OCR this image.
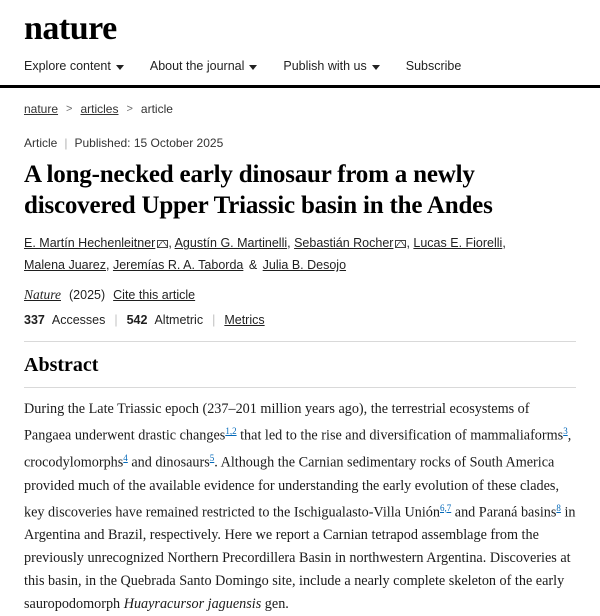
nature
Explore content	About the journal	Publish with us	Subscribe
nature > articles > article
Article | Published: 15 October 2025
A long-necked early dinosaur from a newly discovered Upper Triassic basin in the Andes
E. Martín Hechenleitner , Agustín G. Martinelli, Sebastián Rocher , Lucas E. Fiorelli, Malena Juarez, Jeremías R. A. Taborda & Julia B. Desojo
Nature (2025) Cite this article
337 Accesses | 542 Altmetric | Metrics
Abstract
During the Late Triassic epoch (237–201 million years ago), the terrestrial ecosystems of Pangaea underwent drastic changes$^{1,2}$ that led to the rise and diversification of mammaliaforms$^3$, crocodylomorphs$^4$ and dinosaurs$^5$. Although the Carnian sedimentary rocks of South America provided much of the available evidence for understanding the early evolution of these clades, key discoveries have remained restricted to the Ischigualasto-Villa Unión$^{6,7}$ and Paraná basins$^8$ in Argentina and Brazil, respectively. Here we report a Carnian tetrapod assemblage from the previously unrecognized Northern Precordillera Basin in northwestern Argentina. Discoveries at this basin, in the Quebrada Santo Domingo site, include a nearly complete skeleton of the early sauropodomorph Huayracursor jaguensis gen.
